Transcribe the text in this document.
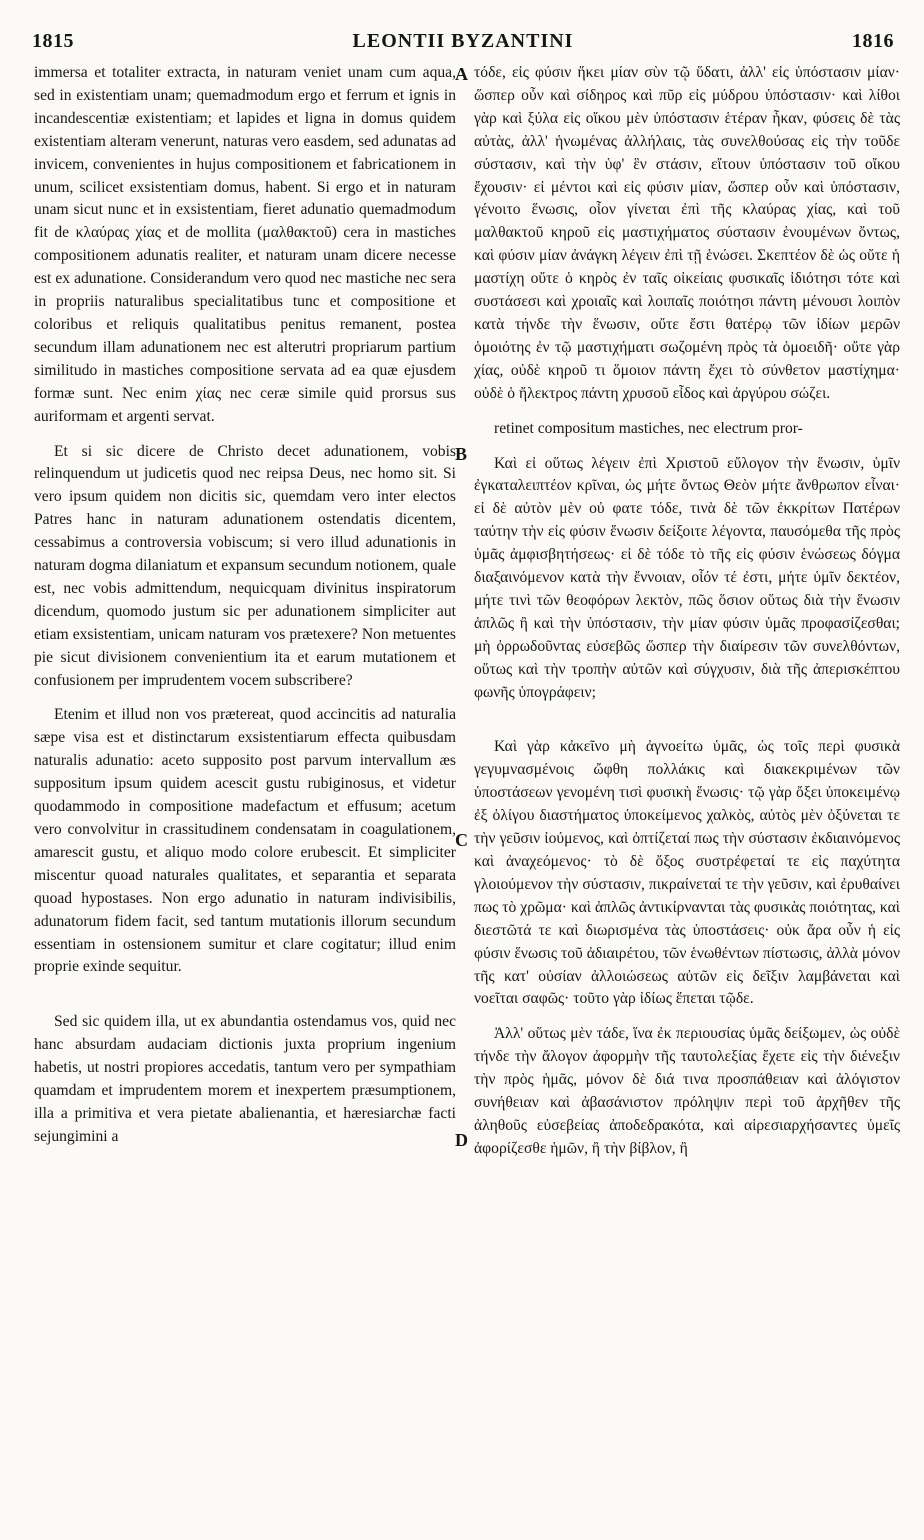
1815	LEONTII BYZANTINI	1816

immersa et totaliter extracta, in naturam veniet unam cum aqua, sed in existentiam unam; quemadmodum ergo et ferrum et ignis in incandescentiæ existentiam; et lapides et ligna in domus quidem existentiam alteram venerunt, naturas vero easdem, sed adunatas ad invicem, convenientes in hujus compositionem et fabricationem in unum, scilicet exsistentiam domus, habent. Si ergo et in naturam unam sicut nunc et in exsistentiam, fieret adunatio quemadmodum fit de κλαύρας χίας et de mollita (μαλθακτοῦ) cera in mastiches compositionem adunatis realiter, et naturam unam dicere necesse est ex adunatione. Considerandum vero quod nec mastiche nec sera in propriis naturalibus specialitatibus tunc et compositione et coloribus et reliquis qualitatibus penitus remanent, postea secundum illam adunationem nec est alterutri propriarum partium similitudo in mastiches compositione servata ad ea quæ ejusdem formæ sunt. Nec enim χίας nec ceræ simile quid prorsus sus auriformam et argenti servat.

Et si sic dicere de Christo decet adunationem, vobis relinquendum ut judicetis quod nec reipsa Deus, nec homo sit. Si vero ipsum quidem non dicitis sic, quemdam vero inter electos Patres hanc in naturam adunationem ostendatis dicentem, cessabimus a controversia vobiscum; si vero illud adunationis in naturam dogma dilaniatum et expansum secundum notionem, quale est, nec vobis admittendum, nequicquam divinitus inspiratorum dicendum, quomodo justum sic per adunationem simpliciter aut etiam exsistentiam, unicam naturam vos prætexere? Non metuentes pie sicut divisionem convenientium ita et earum mutationem et confusionem per imprudentem vocem subscribere?

Etenim et illud non vos prætereat, quod accincitis ad naturalia sæpe visa est et distinctarum exsistentiarum effecta quibusdam naturalis adunatio: aceto supposito post parvum intervallum æs suppositum ipsum quidem acescit gustu rubiginosus, et videtur quodammodo in compositione madefactum et effusum; acetum vero convolvitur in crassitudinem condensatam in coagulationem, amarescit gustu, et aliquo modo colore erubescit. Et simpliciter miscentur quoad naturales qualitates, et separantia et separata quoad hypostases. Non ergo adunatio in naturam indivisibilis, adunatorum fidem facit, sed tantum mutationis illorum secundum essentiam in ostensionem sumitur et clare cogitatur; illud enim proprie exinde sequitur.

Sed sic quidem illa, ut ex abundantia ostendamus vos, quid nec hanc absurdam audaciam dictionis juxta proprium ingenium habetis, ut nostri propiores accedatis, tantum vero per sympathiam quamdam et imprudentem morem et inexpertem præsumptionem, illa a primitiva et vera pietate abalienantia, et hæresiarchæ facti sejungimini a

τόδε, εἰς φύσιν ἥκει μίαν σὺν τῷ ὕδατι, ἀλλ' εἰς ὑπόστασιν μίαν· ὥσπερ οὖν καὶ σίδηρος καὶ πῦρ εἰς μύδρου ὑπόστασιν· καὶ λίθοι γὰρ καὶ ξύλα εἰς οἴκου μὲν ὑπόστασιν ἑτέραν ἧκαν, φύσεις δὲ τὰς αὐτὰς, ἀλλ' ἡνωμένας ἀλλήλαις, τὰς συνελθούσας εἰς τὴν τοῦδε σύστασιν, καὶ τὴν ὑφ' ἓν στάσιν, εἴτουν ὑπόστασιν τοῦ οἴκου ἔχουσιν· εἰ μέντοι καὶ εἰς φύσιν μίαν, ὥσπερ οὖν καὶ ὑπόστασιν, γένοιτο ἕνωσις, οἷον γίνεται ἐπὶ τῆς κλαύρας χίας, καὶ τοῦ μαλθακτοῦ κηροῦ εἰς μαστιχήματος σύστασιν ἑνουμένων ὄντως, καὶ φύσιν μίαν ἀνάγκη λέγειν ἐπὶ τῇ ἑνώσει. Σκεπτέον δὲ ὡς οὔτε ἡ μαστίχη οὔτε ὁ κηρὸς ἐν ταῖς οἰκείαις φυσικαῖς ἰδιότησι τότε καὶ συστάσεσι καὶ χροιαῖς καὶ λοιπαῖς ποιότησι πάντη μένουσι λοιπὸν κατὰ τήνδε τὴν ἕνωσιν, οὔτε ἔστι θατέρῳ τῶν ἰδίων μερῶν ὁμοιότης ἐν τῷ μαστιχήματι σωζομένη πρὸς τὰ ὁμοειδῆ· οὔτε γὰρ χίας, οὐδὲ κηροῦ τι ὅμοιον πάντη ἔχει τὸ σύνθετον μαστίχημα· οὐδὲ ὁ ἤλεκτρος πάντη χρυσοῦ εἶδος καὶ ἀργύρου σώζει.

retinet compositum mastiches, nec electrum pror-

Καὶ εἰ οὕτως λέγειν ἐπὶ Χριστοῦ εὔλογον τὴν ἕνωσιν, ὑμῖν ἐγκαταλειπτέον κρῖναι, ὡς μήτε ὄντως Θεὸν μήτε ἄνθρωπον εἶναι· εἰ δὲ αὐτὸν μὲν οὐ φατε τόδε, τινὰ δὲ τῶν ἐκκρίτων Πατέρων ταύτην τὴν εἰς φύσιν ἕνωσιν δείξοιτε λέγοντα, παυσόμεθα τῆς πρὸς ὑμᾶς ἀμφισβητήσεως· εἰ δὲ τόδε τὸ τῆς εἰς φύσιν ἑνώσεως δόγμα διαξαινόμενον κατὰ τὴν ἔννοιαν, οἷόν τέ ἐστι, μήτε ὑμῖν δεκτέον, μήτε τινὶ τῶν θεοφόρων λεκτὸν, πῶς ὅσιον οὕτως διὰ τὴν ἕνωσιν ἁπλῶς ἢ καὶ τὴν ὑπόστασιν, τὴν μίαν φύσιν ὑμᾶς προφασίζεσθαι; μὴ ὀρρωδοῦντας εὐσεβῶς ὥσπερ τὴν διαίρεσιν τῶν συνελθόντων, οὕτως καὶ τὴν τροπὴν αὐτῶν καὶ σύγχυσιν, διὰ τῆς ἀπερισκέπτου φωνῆς ὑπογράφειν;

Καὶ γὰρ κἀκεῖνο μὴ ἀγνοείτω ὑμᾶς, ὡς τοῖς περὶ φυσικὰ γεγυμνασμένοις ὤφθη πολλάκις καὶ διακεκριμένων τῶν ὑποστάσεων γενομένη τισὶ φυσικὴ ἕνωσις· τῷ γὰρ ὄξει ὑποκειμένῳ ἐξ ὀλίγου διαστήματος ὑποκείμενος χαλκὸς, αὐτὸς μὲν ὀξύνεται τε τὴν γεῦσιν ἰούμενος, καὶ ὀπτίζεταί πως τὴν σύστασιν ἐκδιαινόμενος καὶ ἀναχεόμενος· τὸ δὲ ὄξος συστρέφεταί τε εἰς παχύτητα γλοιούμενον τὴν σύστασιν, πικραίνεταί τε τὴν γεῦσιν, καὶ ἐρυθαίνει πως τὸ χρῶμα· καὶ ἁπλῶς ἀντικίρνανται τὰς φυσικὰς ποιότητας, καὶ διεστῶτά τε καὶ διωρισμένα τὰς ὑποστάσεις· οὐκ ἄρα οὖν ἡ εἰς φύσιν ἕνωσις τοῦ ἀδιαιρέτου, τῶν ἑνωθέντων πίστωσις, ἀλλὰ μόνον τῆς κατ' οὐσίαν ἀλλοιώσεως αὐτῶν εἰς δεῖξιν λαμβάνεται καὶ νοεῖται σαφῶς· τοῦτο γὰρ ἰδίως ἕπεται τῷδε.

Ἀλλ' οὕτως μὲν τάδε, ἵνα ἐκ περιουσίας ὑμᾶς δείξωμεν, ὡς οὐδὲ τήνδε τὴν ἄλογον ἀφορμὴν τῆς ταυτολεξίας ἔχετε εἰς τὴν διένεξιν τὴν πρὸς ἡμᾶς, μόνον δὲ διά τινα προσπάθειαν καὶ ἀλόγιστον συνήθειαν καὶ ἀβασάνιστον πρόληψιν περὶ τοῦ ἀρχῆθεν τῆς ἀληθοῦς εὐσεβείας ἀποδεδρακότα, καὶ αἱρεσιαρχήσαντες ὑμεῖς ἀφορίζεσθε ἡμῶν, ἢ τὴν βίβλον, ἢ

A
B
C
D
